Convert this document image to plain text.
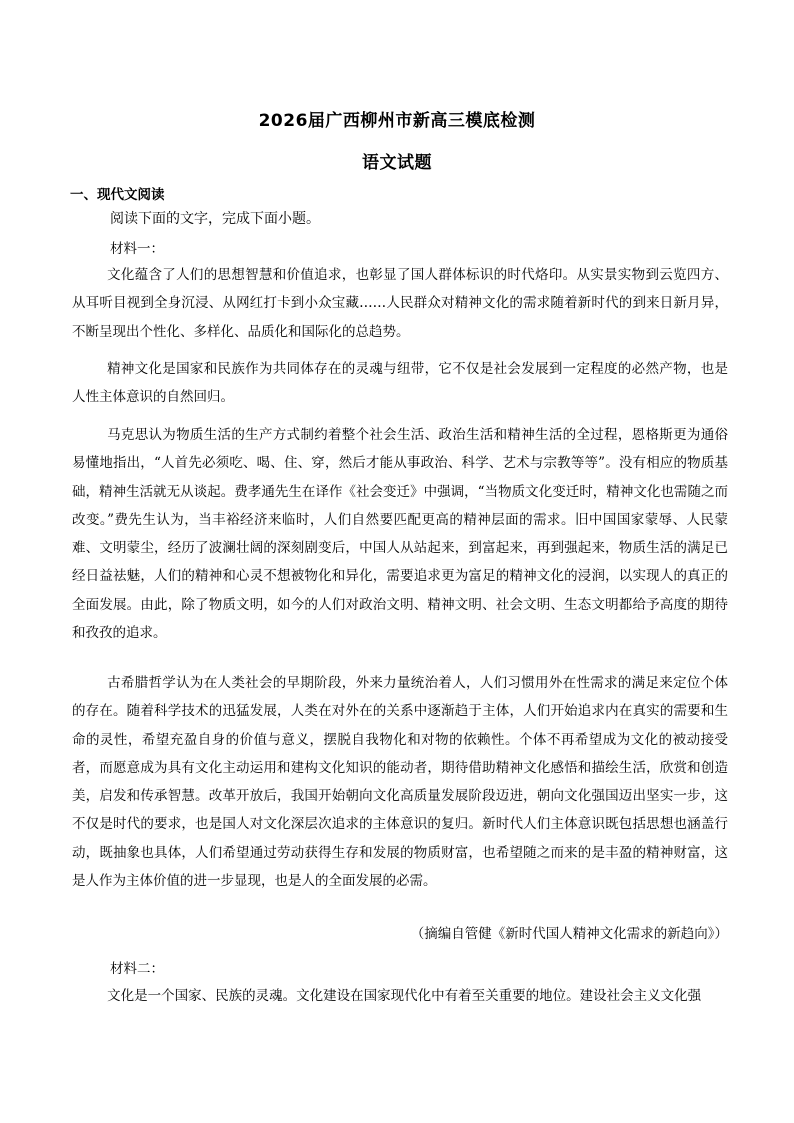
2026届广西柳州市新高三模底检测
语文试题
一、现代文阅读

阅读下面的文字，完成下面小题。

材料一：

文化蕴含了人们的思想智慧和价值追求，也彰显了国人群体标识的时代烙印。从实景实物到云览四方、从耳听目视到全身沉浸、从网红打卡到小众宝藏……人民群众对精神文化的需求随着新时代的到来日新月异，不断呈现出个性化、多样化、品质化和国际化的总趋势。

精神文化是国家和民族作为共同体存在的灵魂与纽带，它不仅是社会发展到一定程度的必然产物，也是人性主体意识的自然回归。

马克思认为物质生活的生产方式制约着整个社会生活、政治生活和精神生活的全过程，恩格斯更为通俗易懂地指出，“人首先必须吃、喝、住、穿，然后才能从事政治、科学、艺术与宗教等等”。没有相应的物质基础，精神生活就无从谈起。费孝通先生在译作《社会变迁》中强调，“当物质文化变迁时，精神文化也需随之而改变。”费先生认为，当丰裕经济来临时，人们自然要匹配更高的精神层面的需求。旧中国国家蒙辱、人民蒙难、文明蒙尘，经历了波澜壮阔的深刻剧变后，中国人从站起来，到富起来，再到强起来，物质生活的满足已经日益祛魅，人们的精神和心灵不想被物化和异化，需要追求更为富足的精神文化的浸润，以实现人的真正的全面发展。由此，除了物质文明，如今的人们对政治文明、精神文明、社会文明、生态文明都给予高度的期待和孜孜的追求。

古希腊哲学认为在人类社会的早期阶段，外来力量统治着人，人们习惯用外在性需求的满足来定位个体的存在。随着科学技术的迅猛发展，人类在对外在的关系中逐渐趋于主体，人们开始追求内在真实的需要和生命的灵性，希望充盈自身的价值与意义，摆脱自我物化和对物的依赖性。个体不再希望成为文化的被动接受者，而愿意成为具有文化主动运用和建构文化知识的能动者，期待借助精神文化感悟和描绘生活，欣赏和创造美，启发和传承智慧。改革开放后，我国开始朝向文化高质量发展阶段迈进，朝向文化强国迈出坚实一步，这不仅是时代的要求，也是国人对文化深层次追求的主体意识的复归。新时代人们主体意识既包括思想也涵盖行动，既抽象也具体，人们希望通过劳动获得生存和发展的物质财富，也希望随之而来的是丰盈的精神财富，这是人作为主体价值的进一步显现，也是人的全面发展的必需。

（摘编自管健《新时代国人精神文化需求的新趋向》）

材料二：

文化是一个国家、民族的灵魂。文化建设在国家现代化中有着至关重要的地位。建设社会主义文化强
